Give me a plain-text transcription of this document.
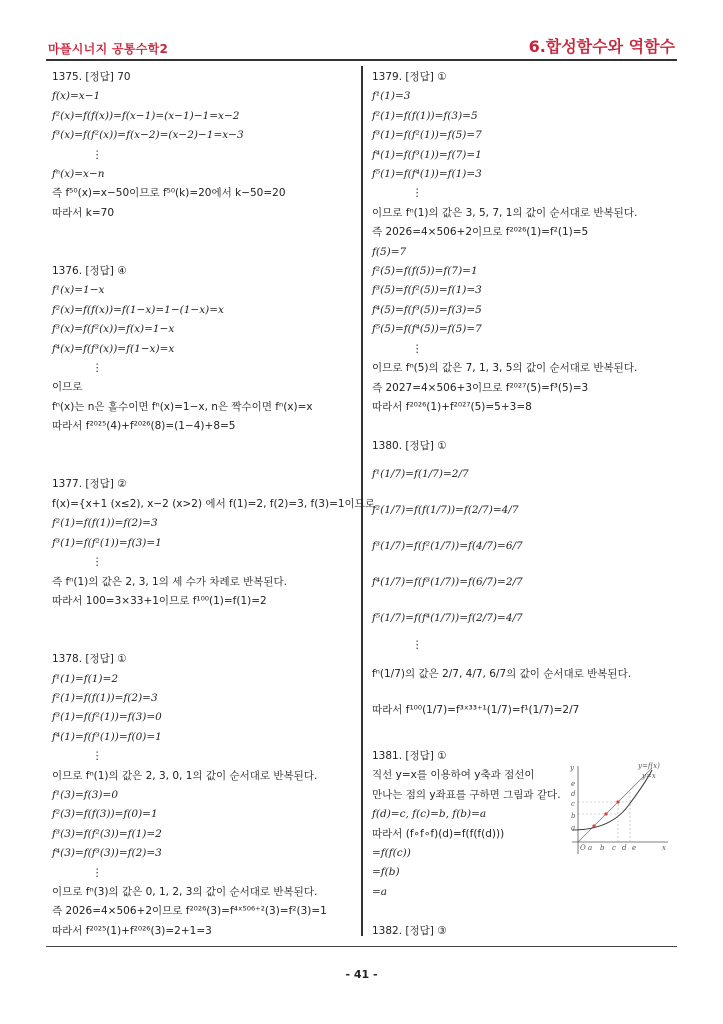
마플시너지 공통수학2	6.합성함수와 역함수
1375. [정답] 70
f(x)=x−1
f²(x)=f(f(x))=f(x−1)=(x−1)−1=x−2
f³(x)=f(f²(x))=f(x−2)=(x−2)−1=x−3
⋮
fⁿ(x)=x−n
즉 f⁵⁰(x)=x−50이므로 f⁵⁰(k)=20에서 k−50=20
따라서 k=70
1376. [정답] ④
f¹(x)=1−x
f²(x)=f(f(x))=f(1−x)=1−(1−x)=x
f³(x)=f(f²(x))=f(x)=1−x
f⁴(x)=f(f³(x))=f(1−x)=x
⋮
이므로
fⁿ(x)는 n은 홀수이면 fⁿ(x)=1−x, n은 짝수이면 fⁿ(x)=x
따라서 f²⁰²⁵(4)+f²⁰²⁶(8)=(1−4)+8=5
1377. [정답] ②
f(x)={x+1 (x≤2), x−2 (x>2) 에서 f(1)=2, f(2)=3, f(3)=1이므로
f²(1)=f(f(1))=f(2)=3
f³(1)=f(f²(1))=f(3)=1
⋮
즉 fⁿ(1)의 값은 2, 3, 1의 세 수가 차례로 반복된다.
따라서 100=3×33+1이므로 f¹⁰⁰(1)=f(1)=2
1378. [정답] ①
f¹(1)=f(1)=2
f²(1)=f(f(1))=f(2)=3
f³(1)=f(f²(1))=f(3)=0
f⁴(1)=f(f³(1))=f(0)=1
⋮
이므로 fⁿ(1)의 값은 2, 3, 0, 1의 값이 순서대로 반복된다.
f¹(3)=f(3)=0
f²(3)=f(f(3))=f(0)=1
f³(3)=f(f²(3))=f(1)=2
f⁴(3)=f(f³(3))=f(2)=3
⋮
이므로 fⁿ(3)의 값은 0, 1, 2, 3의 값이 순서대로 반복된다.
즉 2026=4×506+2이므로 f²⁰²⁶(3)=f⁴ˣ⁵⁰⁶⁺²(3)=f²(3)=1
따라서 f²⁰²⁵(1)+f²⁰²⁶(3)=2+1=3
1379. [정답] ①
f¹(1)=3
f²(1)=f(f(1))=f(3)=5
f³(1)=f(f²(1))=f(5)=7
f⁴(1)=f(f³(1))=f(7)=1
f⁵(1)=f(f⁴(1))=f(1)=3
⋮
이므로 fⁿ(1)의 값은 3, 5, 7, 1의 값이 순서대로 반복된다.
즉 2026=4×506+2이므로 f²⁰²⁶(1)=f²(1)=5
f(5)=7
f²(5)=f(f(5))=f(7)=1
f³(5)=f(f²(5))=f(1)=3
f⁴(5)=f(f³(5))=f(3)=5
f⁵(5)=f(f⁴(5))=f(5)=7
⋮
이므로 fⁿ(5)의 값은 7, 1, 3, 5의 값이 순서대로 반복된다.
즉 2027=4×506+3이므로 f²⁰²⁷(5)=f³(5)=3
따라서 f²⁰²⁶(1)+f²⁰²⁷(5)=5+3=8
1380. [정답] ①
f¹(1/7)=f(1/7)=2/7
f²(1/7)=f(f(1/7))=f(2/7)=4/7
f³(1/7)=f(f²(1/7))=f(4/7)=6/7
f⁴(1/7)=f(f³(1/7))=f(6/7)=2/7
f⁵(1/7)=f(f⁴(1/7))=f(2/7)=4/7
⋮
fⁿ(1/7)의 값은 2/7, 4/7, 6/7의 값이 순서대로 반복된다.
따라서 f¹⁰⁰(1/7)=f³ˣ³³⁺¹(1/7)=f¹(1/7)=2/7
1381. [정답] ①
직선 y=x를 이용하여 y축과 점선이
만나는 점의 y좌표를 구하면 그림과 같다.
f(d)=c, f(c)=b, f(b)=a
따라서 (f∘f∘f)(d)=f(f(f(d)))
=f(f(c))
=f(b)
=a
1382. [정답] ③
O	x
y	y=f(x)
y=x
a b c d e
a
b
c
d
e
- 41 -
